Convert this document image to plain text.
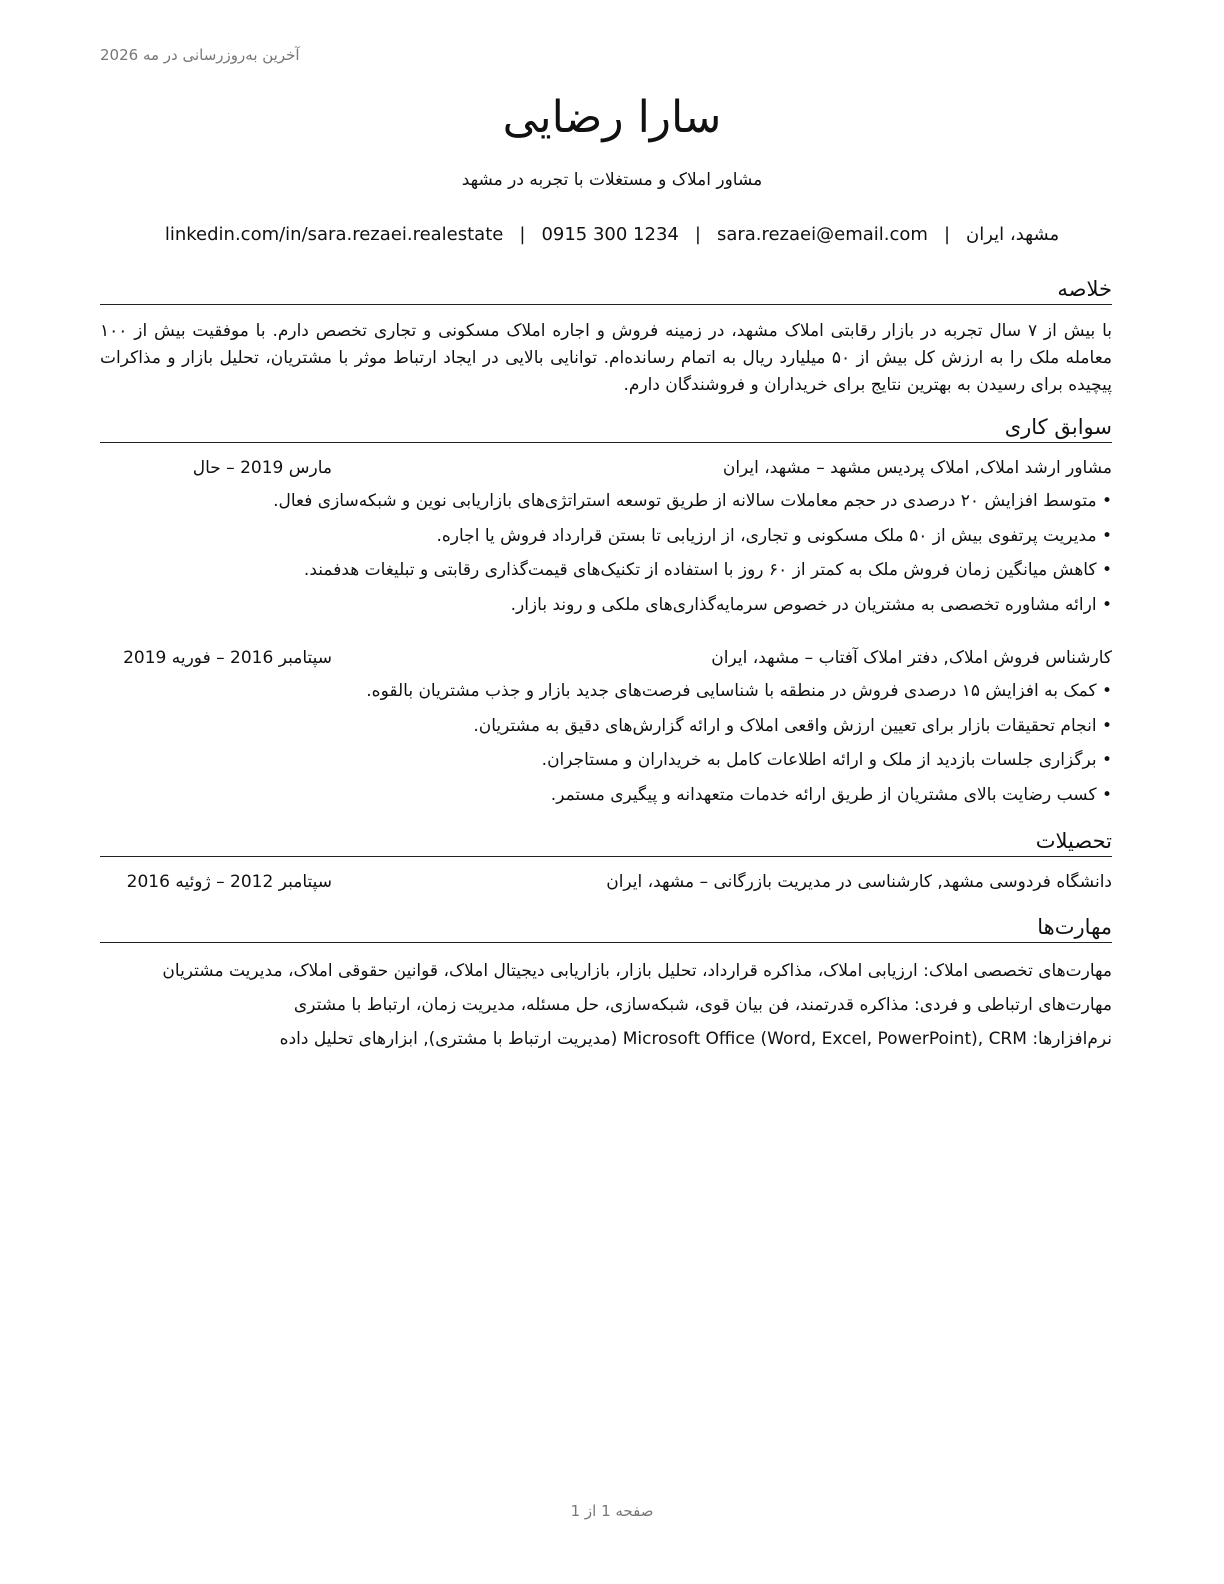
آخرین به‌روزرسانی در مه 2026
سارا رضایی
مشاور املاک و مستغلات با تجربه در مشهد
مشهد، ایران|sara.rezaei@email.com|0915 300 1234|linkedin.com/in/sara.rezaei.realestate
خلاصه
با بیش از ۷ سال تجربه در بازار رقابتی املاک مشهد، در زمینه فروش و اجاره املاک مسکونی و تجاری تخصص دارم. با موفقیت بیش از ۱۰۰ معامله ملک را به ارزش کل بیش از ۵۰ میلیارد ریال به اتمام رسانده‌ام. توانایی بالایی در ایجاد ارتباط موثر با مشتریان، تحلیل بازار و مذاکرات پیچیده برای رسیدن به بهترین نتایج برای خریداران و فروشندگان دارم.
سوابق کاری
مشاور ارشد املاک, املاک پردیس مشهد – مشهد، ایران
مارس 2019 – حال
• متوسط افزایش ۲۰ درصدی در حجم معاملات سالانه از طریق توسعه استراتژی‌های بازاریابی نوین و شبکه‌سازی فعال.
• مدیریت پرتفوی بیش از ۵۰ ملک مسکونی و تجاری، از ارزیابی تا بستن قرارداد فروش یا اجاره.
• کاهش میانگین زمان فروش ملک به کمتر از ۶۰ روز با استفاده از تکنیک‌های قیمت‌گذاری رقابتی و تبلیغات هدفمند.
• ارائه مشاوره تخصصی به مشتریان در خصوص سرمایه‌گذاری‌های ملکی و روند بازار.
کارشناس فروش املاک, دفتر املاک آفتاب – مشهد، ایران
سپتامبر 2016 – فوریه 2019
• کمک به افزایش ۱۵ درصدی فروش در منطقه با شناسایی فرصت‌های جدید بازار و جذب مشتریان بالقوه.
• انجام تحقیقات بازار برای تعیین ارزش واقعی املاک و ارائه گزارش‌های دقیق به مشتریان.
• برگزاری جلسات بازدید از ملک و ارائه اطلاعات کامل به خریداران و مستاجران.
• کسب رضایت بالای مشتریان از طریق ارائه خدمات متعهدانه و پیگیری مستمر.
تحصیلات
دانشگاه فردوسی مشهد, کارشناسی در مدیریت بازرگانی – مشهد، ایران
سپتامبر 2012 – ژوئیه 2016
مهارت‌ها
مهارت‌های تخصصی املاک: ارزیابی املاک، مذاکره قرارداد، تحلیل بازار، بازاریابی دیجیتال املاک، قوانین حقوقی املاک، مدیریت مشتریان
مهارت‌های ارتباطی و فردی: مذاکره قدرتمند، فن بیان قوی، شبکه‌سازی، حل مسئله، مدیریت زمان، ارتباط با مشتری
نرم‌افزارها: Microsoft Office (Word, Excel, PowerPoint), CRM (مدیریت ارتباط با مشتری), ابزارهای تحلیل داده
صفحه 1 از 1
